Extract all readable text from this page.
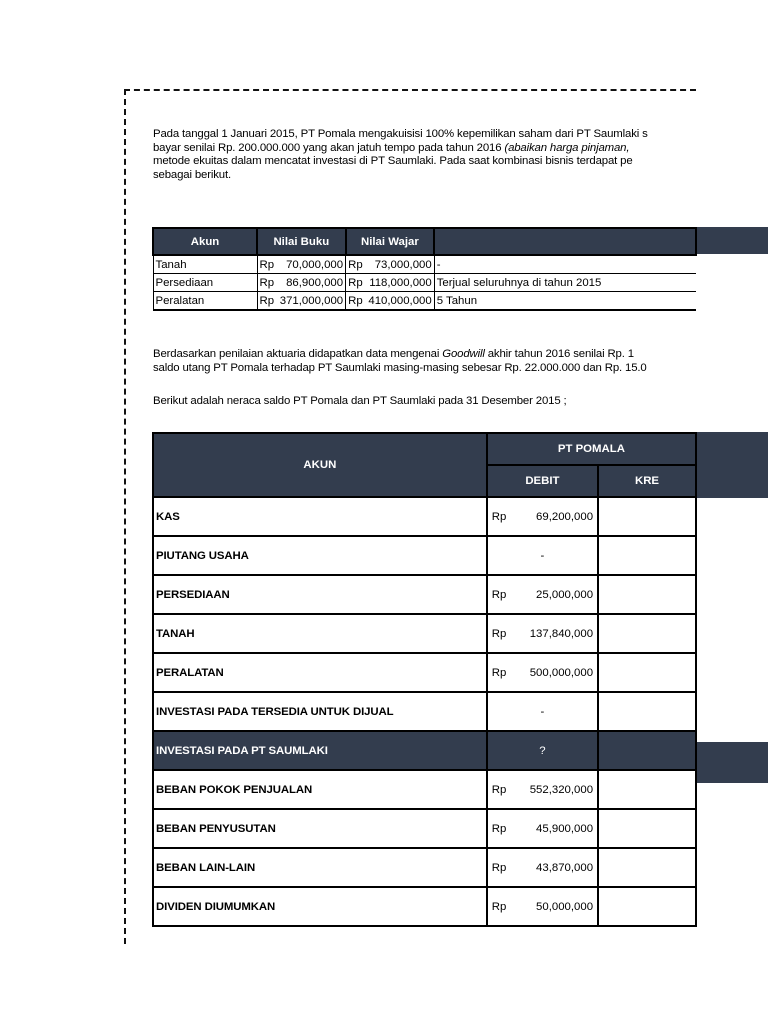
Pada tanggal 1 Januari 2015, PT Pomala mengakuisisi 100% kepemilikan saham dari PT Saumlaki s
bayar senilai Rp. 200.000.000 yang akan jatuh tempo pada tahun 2016 (abaikan harga pinjaman,
metode ekuitas dalam mencatat investasi di PT Saumlaki. Pada saat kombinasi bisnis terdapat pe
sebagai berikut.
Akun	Nilai Buku		Nilai Wajar		
Tanah	Rp	70,000,000	Rp	73,000,000	-
Persediaan	Rp	86,900,000	Rp	118,000,000	Terjual seluruhnya di tahun 2015
Peralatan	Rp	371,000,000	Rp	410,000,000	5 Tahun
Berdasarkan penilaian aktuaria didapatkan data mengenai Goodwill akhir tahun 2016 senilai Rp. 1
saldo utang PT Pomala terhadap PT Saumlaki masing-masing sebesar Rp. 22.000.000 dan Rp. 15.0
Berikut adalah neraca saldo PT Pomala dan PT Saumlaki pada 31 Desember 2015 ;
AKUN	PT POMALA	
	DEBIT	KRE
KAS	Rp 69,200,000	

PIUTANG USAHA	-	
PERSEDIAAN	Rp 25,000,000	

TANAH	Rp 137,840,000	

PERALATAN	Rp 500,000,000	

INVESTASI PADA TERSEDIA UNTUK DIJUAL	-	
INVESTASI PADA PT SAUMLAKI	?	
BEBAN POKOK PENJUALAN	Rp 552,320,000	

BEBAN PENYUSUTAN	Rp 45,900,000	

BEBAN LAIN-LAIN	Rp 43,870,000	

DIVIDEN DIUMUMKAN	Rp 50,000,000	
